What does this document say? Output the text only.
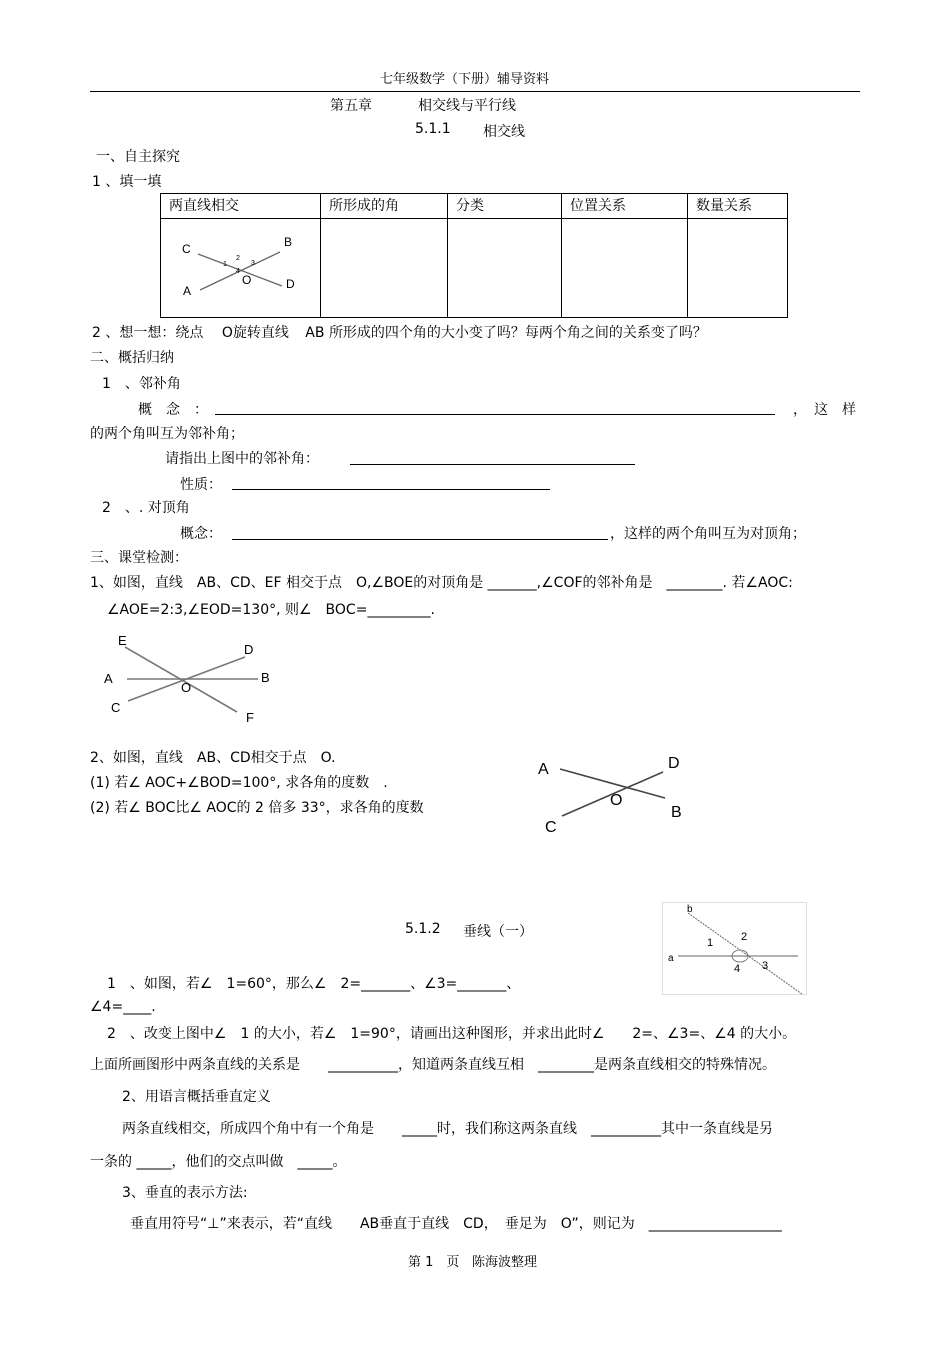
七年级数学（下册）辅导资料
第五章	相交线与平行线
5.1.1 相交线
一、自主探究
1 、填一填
两直线相交	所形成的角	分类	位置关系	数量关系

C	B
A	D
O
1
2
3
4
2 、想一想：绕点 O旋转直线 AB 所形成的四个角的大小变了吗？每两个角之间的关系变了吗？
二、概括归纳
1　、邻补角
概　念　：	，　这　样
的两个角叫互为邻补角；
请指出上图中的邻补角：
性质：
2　、. 对顶角
概念：	，这样的两个角叫互为对顶角；
三、课堂检测：
1、如图，直线　AB、CD、EF 相交于点　O,∠BOE的对顶角是 _______,∠COF的邻补角是　________. 若∠AOC:
∠AOE=2:3,∠EOD=130°, 则∠　BOC=_________.
E
D
A	B
O
C
F
2、如图，直线　AB、CD相交于点　O.
(1) 若∠ AOC+∠BOD=100°, 求各角的度数　.
(2) 若∠ BOC比∠ AOC的 2 倍多 33°，求各角的度数
A	D
O
B
C
5.1.2 垂线（一）
b
a
1	2
3
4
1　、如图，若∠　1=60°，那么∠　2=_______、∠3=_______、
∠4=____.
2　、改变上图中∠　1 的大小，若∠　1=90°，请画出这种图形，并求出此时∠　　2=、∠3=、∠4 的大小。
上面所画图形中两条直线的关系是　　__________，知道两条直线互相　________是两条直线相交的特殊情况。
2、用语言概括垂直定义
两条直线相交，所成四个角中有一个角是　　_____时，我们称这两条直线　__________其中一条直线是另
一条的 _____，他们的交点叫做　_____。
3、垂直的表示方法:
垂直用符号“⊥”来表示，若“直线　　AB垂直于直线　CD，　垂足为　O”，则记为　___________________
第 1　页 陈海波整理
